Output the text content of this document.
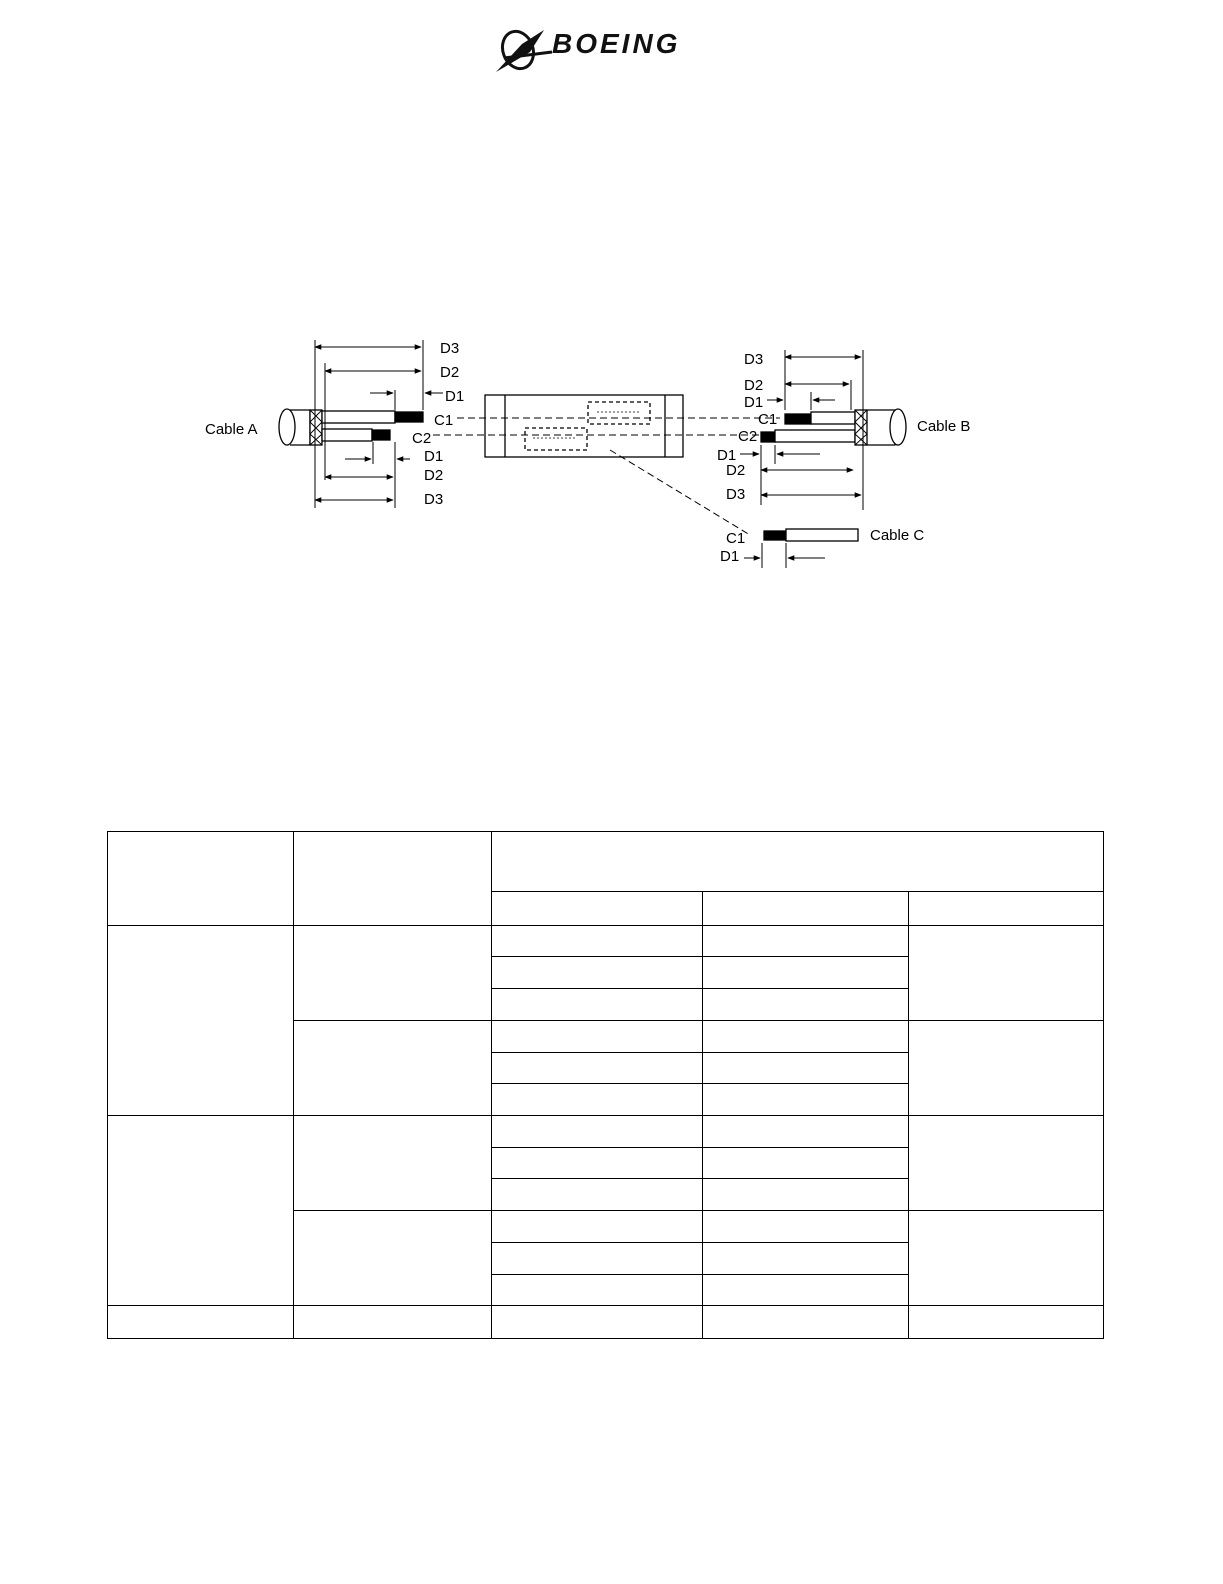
BOEING
Cable A
D3
D2
D1
C1
C2
D1
D2
D3
Cable B
D3
D2
D1
C1
C2
D1
D2
D3
Cable C
C1
D1
